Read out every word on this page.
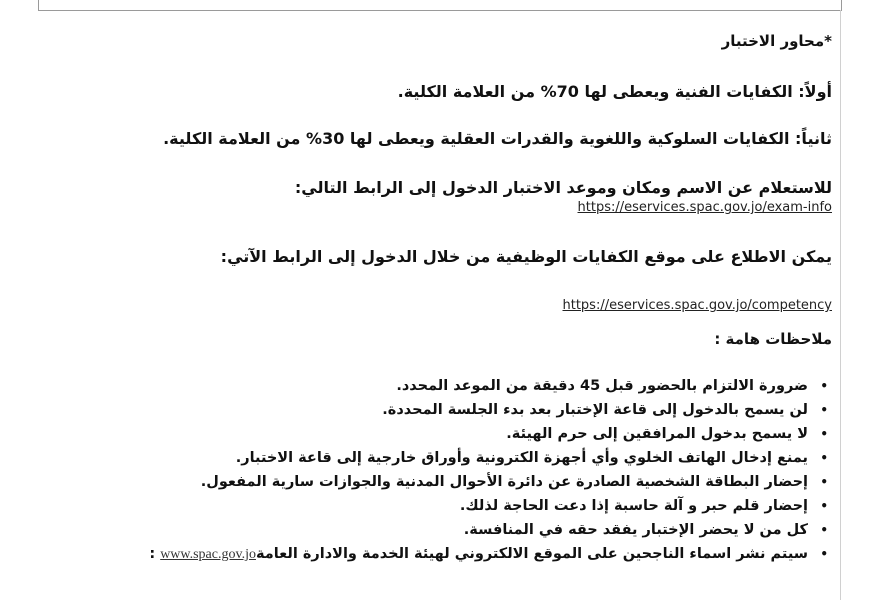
*محاور الاختبار
أولاً: الكفايات الفنية ويعطى لها 70% من العلامة الكلية.
ثانياً: الكفايات السلوكية واللغوية والقدرات العقلية ويعطى لها 30% من العلامة الكلية.
للاستعلام عن الاسم ومكان وموعد الاختبار الدخول إلى الرابط التالي:
https://eservices.spac.gov.jo/exam-info
يمكن الاطلاع على موقع الكفايات الوظيفية من خلال الدخول إلى الرابط الآتي:
https://eservices.spac.gov.jo/competency
ملاحظات هامة :
•
ضرورة الالتزام بالحضور قبل 45 دقيقة من الموعد المحدد.
•
لن يسمح بالدخول إلى قاعة الإختبار بعد بدء الجلسة المحددة.
•
لا يسمح بدخول المرافقين إلى حرم الهيئة.
•
يمنع إدخال الهاتف الخلوي وأي أجهزة الكترونية وأوراق خارجية إلى قاعة الاختبار.
•
إحضار البطاقة الشخصية الصادرة عن دائرة الأحوال المدنية والجوازات سارية المفعول.
•
إحضار قلم حبر و آلة حاسبة إذا دعت الحاجة لذلك.
•
كل من لا يحضر الإختبار يفقد حقه في المنافسة.
•
سيتم نشر اسماء الناجحين على الموقع الالكتروني لهيئة الخدمة والادارة العامةwww.spac.gov.jo :
